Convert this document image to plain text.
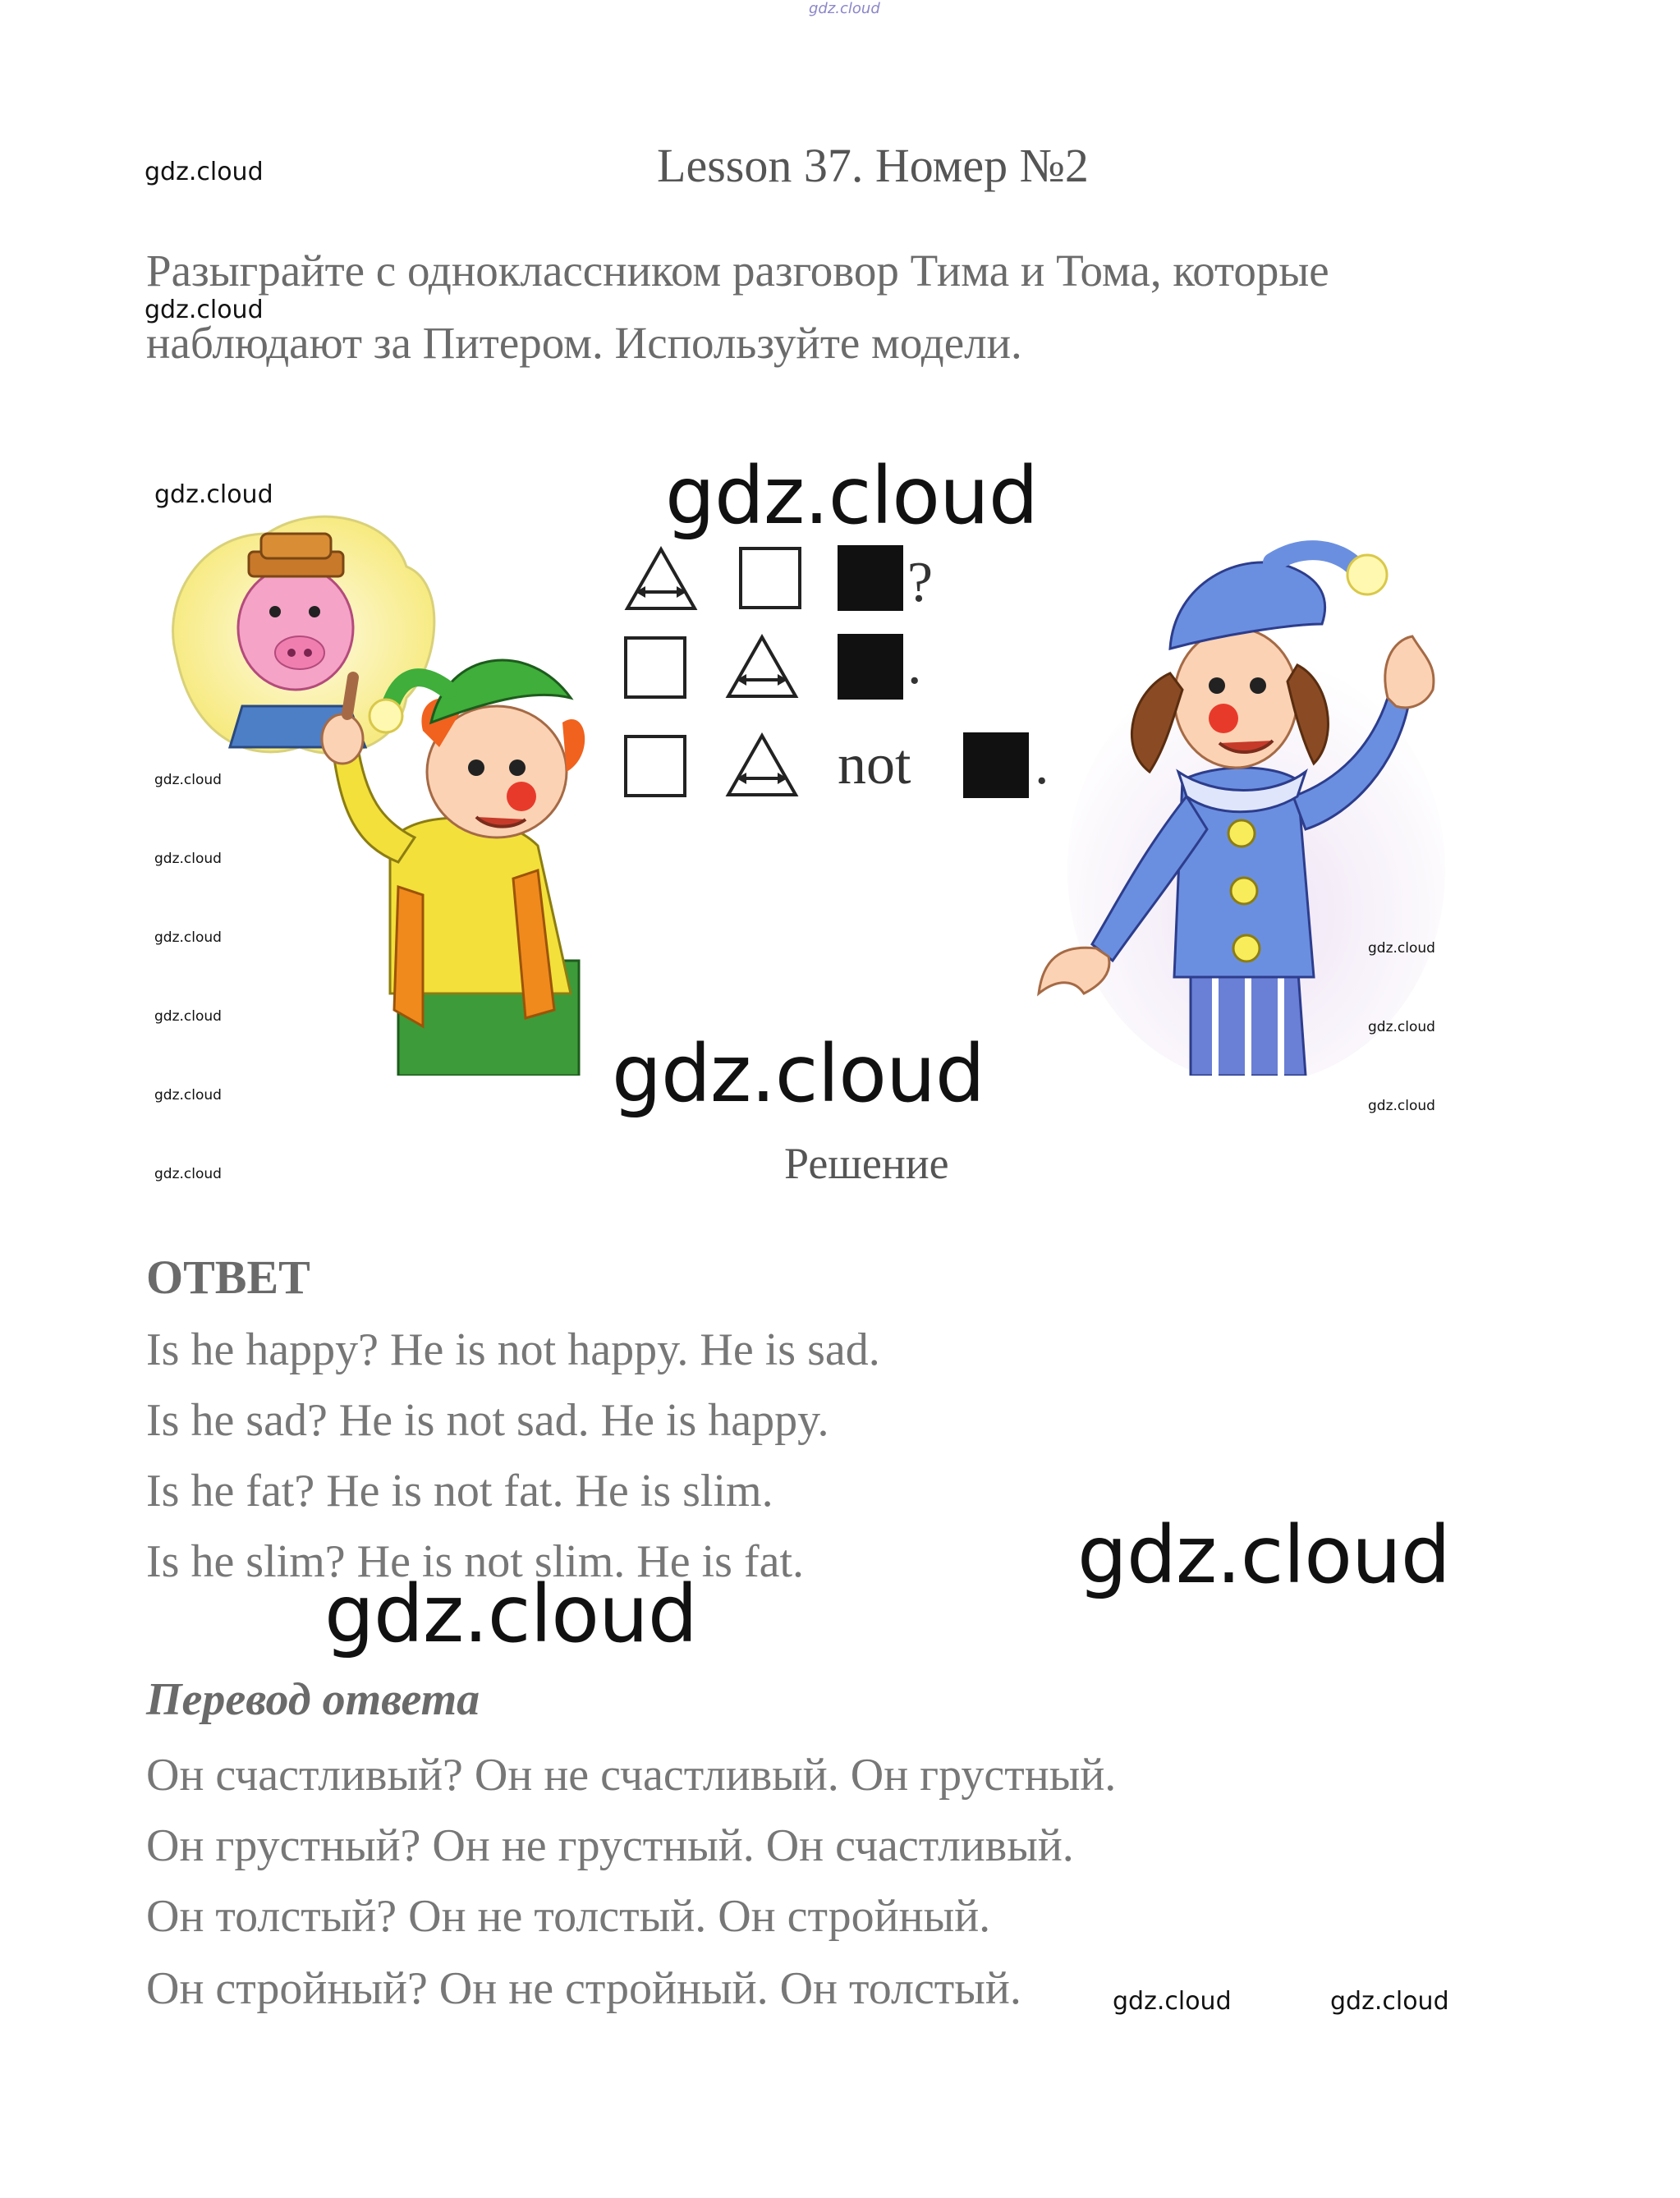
gdz.cloud
gdz.cloud
gdz.cloud
gdz.cloud
Lesson 37. Номер №2
Разыграйте с одноклассником разговор Тима и Тома, которые
наблюдают за Питером. Используйте модели.
gdz.cloud
?
.
not .
gdz.cloud
gdz.cloud
gdz.cloud
gdz.cloud
gdz.cloud
gdz.cloud
gdz.cloud
gdz.cloud
gdz.cloud
gdz.cloud
Решение
ОТВЕТ
Is he happy? He is not happy. He is sad.
Is he sad? He is not sad. He is happy.
Is he fat? He is not fat. He is slim.
Is he slim? He is not slim. He is fat.	gdz.cloud
gdz.cloud
Перевод ответа
Он счастливый? Он не счастливый. Он грустный.
Он грустный? Он не грустный. Он счастливый.
Он толстый? Он не толстый. Он стройный.
Он стройный? Он не стройный. Он толстый.	gdz.cloud	gdz.cloud
